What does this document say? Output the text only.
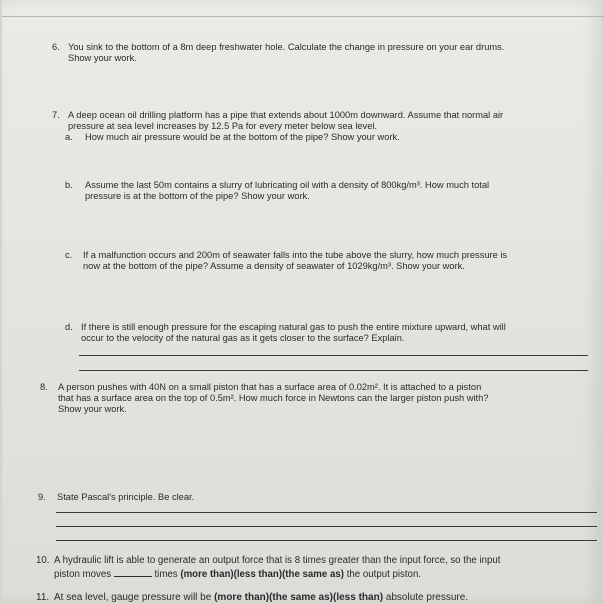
6. You sink to the bottom of a 8m deep freshwater hole. Calculate the change in pressure on your ear drums.
Show your work.
7. A deep ocean oil drilling platform has a pipe that extends about 1000m downward. Assume that normal air
pressure at sea level increases by 12.5 Pa for every meter below sea level.
a. How much air pressure would be at the bottom of the pipe? Show your work.
b. Assume the last 50m contains a slurry of lubricating oil with a density of 800kg/m³. How much total
pressure is at the bottom of the pipe? Show your work.
c. If a malfunction occurs and 200m of seawater falls into the tube above the slurry, how much pressure is
now at the bottom of the pipe? Assume a density of seawater of 1029kg/m³. Show your work.
d. If there is still enough pressure for the escaping natural gas to push the entire mixture upward, what will
occur to the velocity of the natural gas as it gets closer to the surface? Explain.
8. A person pushes with 40N on a small piston that has a surface area of 0.02m². It is attached to a piston
that has a surface area on the top of 0.5m². How much force in Newtons can the larger piston push with?
Show your work.
9. State Pascal's principle. Be clear.
10. A hydraulic lift is able to generate an output force that is 8 times greater than the input force, so the input
piston moves	times (more than)(less than)(the same as) the output piston.
11. At sea level, gauge pressure will be (more than)(the same as)(less than) absolute pressure.
